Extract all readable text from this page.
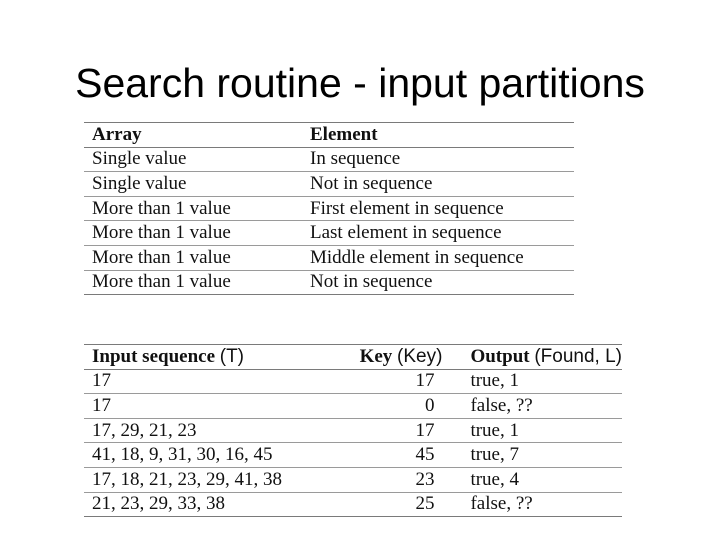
Search routine - input partitions
Array	Element
Single value	In sequence
Single value	Not in sequence
More than 1 value	First element in sequence
More than 1 value	Last element in sequence
More than 1 value	Middle element in sequence
More than 1 value	Not in sequence
Input sequence (T)	Key (Key)	Output (Found, L)
17	17	true, 1
17	0	false, ??
17, 29, 21, 23	17	true, 1
41, 18, 9, 31, 30, 16, 45	45	true, 7
17, 18, 21, 23, 29, 41, 38	23	true, 4
21, 23, 29, 33, 38	25	false, ??
